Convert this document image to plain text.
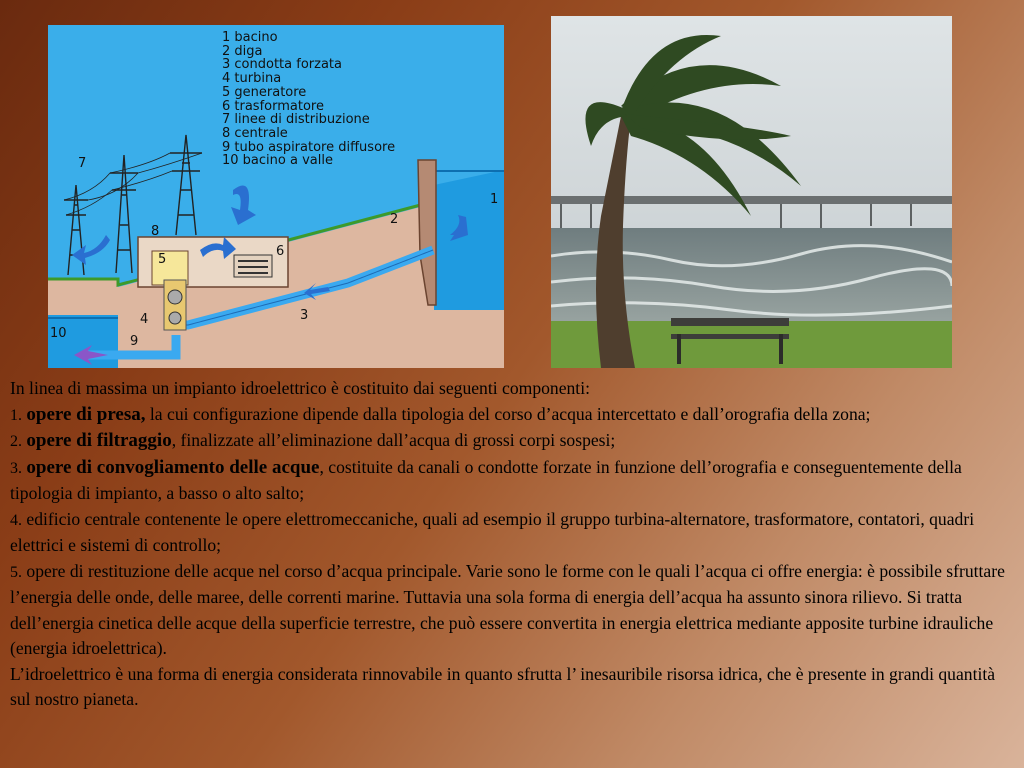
1
2
3
4
5
6
7
8
9
10
1 bacino
2 diga
3 condotta forzata
4 turbina
5 generatore
6 trasformatore
7 linee di distribuzione
8 centrale
9 tubo aspiratore diffusore
10 bacino a valle

In linea di massima un impianto idroelettrico è costituito dai seguenti componenti:

1. opere di presa, la cui configurazione dipende dalla tipologia del corso d’acqua intercettato e dall’orografia della zona;

2. opere di filtraggio, finalizzate all’eliminazione dall’acqua di grossi corpi sospesi;

3. opere di convogliamento delle acque, costituite da canali o condotte forzate in funzione dell’orografia e conseguentemente della tipologia di impianto, a basso o alto salto;

4. edificio centrale contenente le opere elettromeccaniche, quali ad esempio il gruppo turbina-alternatore, trasformatore, contatori, quadri elettrici e sistemi di controllo;

5. opere di restituzione delle acque nel corso d’acqua principale. Varie sono le forme con le quali l’acqua ci offre energia: è possibile sfruttare l’energia delle onde, delle maree, delle correnti marine. Tuttavia una sola forma di energia dell’acqua ha assunto sinora rilievo. Si tratta dell’energia cinetica delle acque della superficie terrestre, che può essere convertita in energia elettrica mediante apposite turbine idrauliche (energia idroelettrica).

L’idroelettrico è una forma di energia considerata rinnovabile in quanto sfrutta l’ inesauribile risorsa idrica, che è presente in grandi quantità sul nostro pianeta.
